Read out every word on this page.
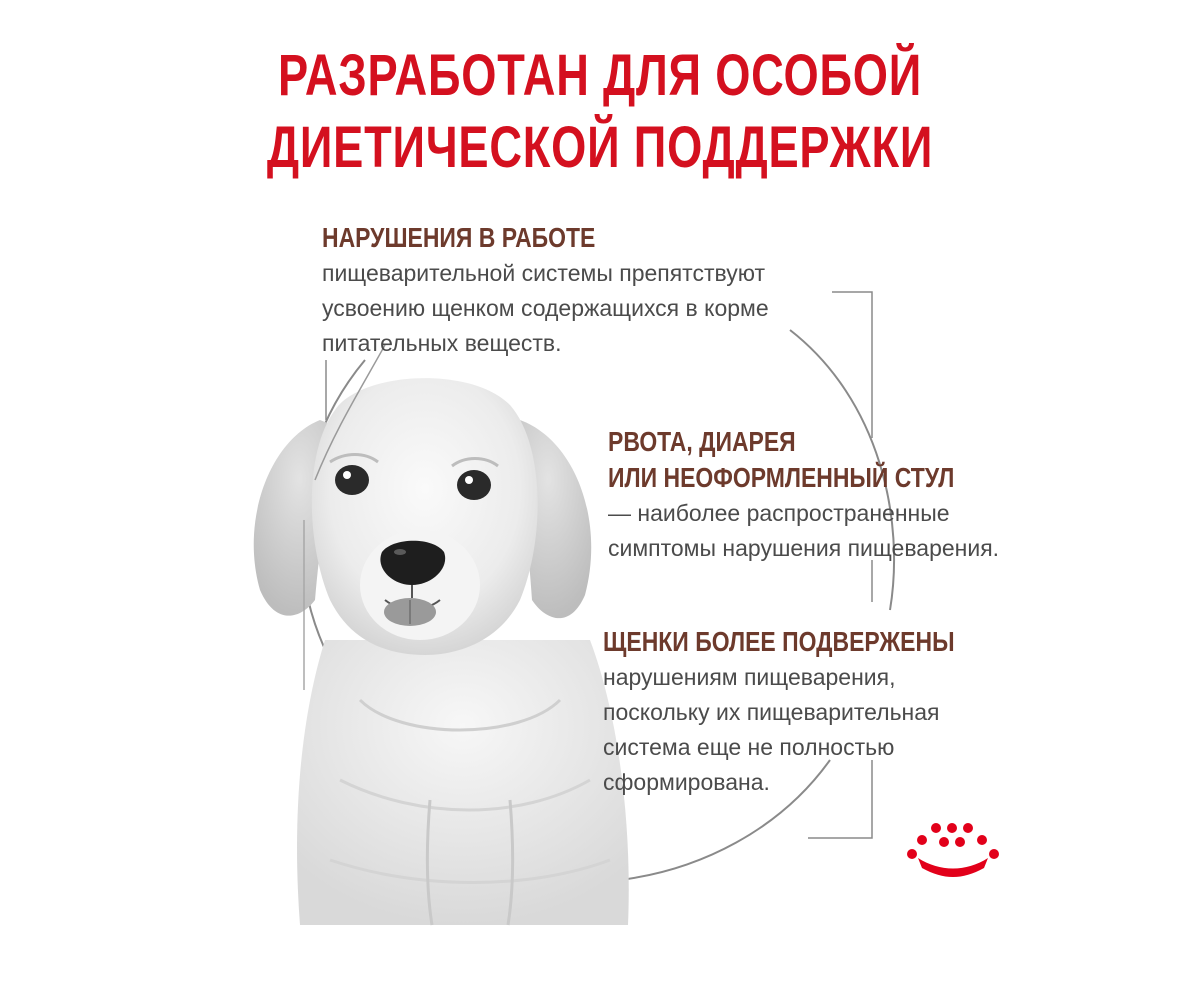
РАЗРАБОТАН ДЛЯ ОСОБОЙ
ДИЕТИЧЕСКОЙ ПОДДЕРЖКИ
НАРУШЕНИЯ В РАБОТЕ
пищеварительной системы препятствуют
усвоению щенком содержащихся в корме
питательных веществ.
РВОТА, ДИАРЕЯ
ИЛИ НЕОФОРМЛЕННЫЙ СТУЛ
— наиболее распространенные
симптомы нарушения пищеварения.
ЩЕНКИ БОЛЕЕ ПОДВЕРЖЕНЫ
нарушениям пищеварения,
поскольку их пищеварительная
система еще не полностью
сформирована.
